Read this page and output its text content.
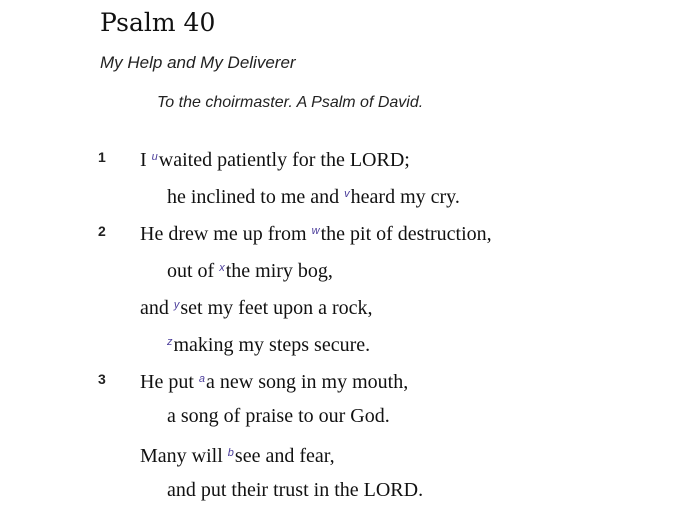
Psalm 40
My Help and My Deliverer
To the choirmaster. A Psalm of David.
1 I $^u$waited patiently for the LORD;
he inclined to me and $^v$heard my cry.
2 He drew me up from $^w$the pit of destruction,
out of $^x$the miry bog,
and $^y$set my feet upon a rock,
$^z$making my steps secure.
3 He put $^a$a new song in my mouth,
a song of praise to our God.
Many will $^b$see and fear,
and put their trust in the LORD.
